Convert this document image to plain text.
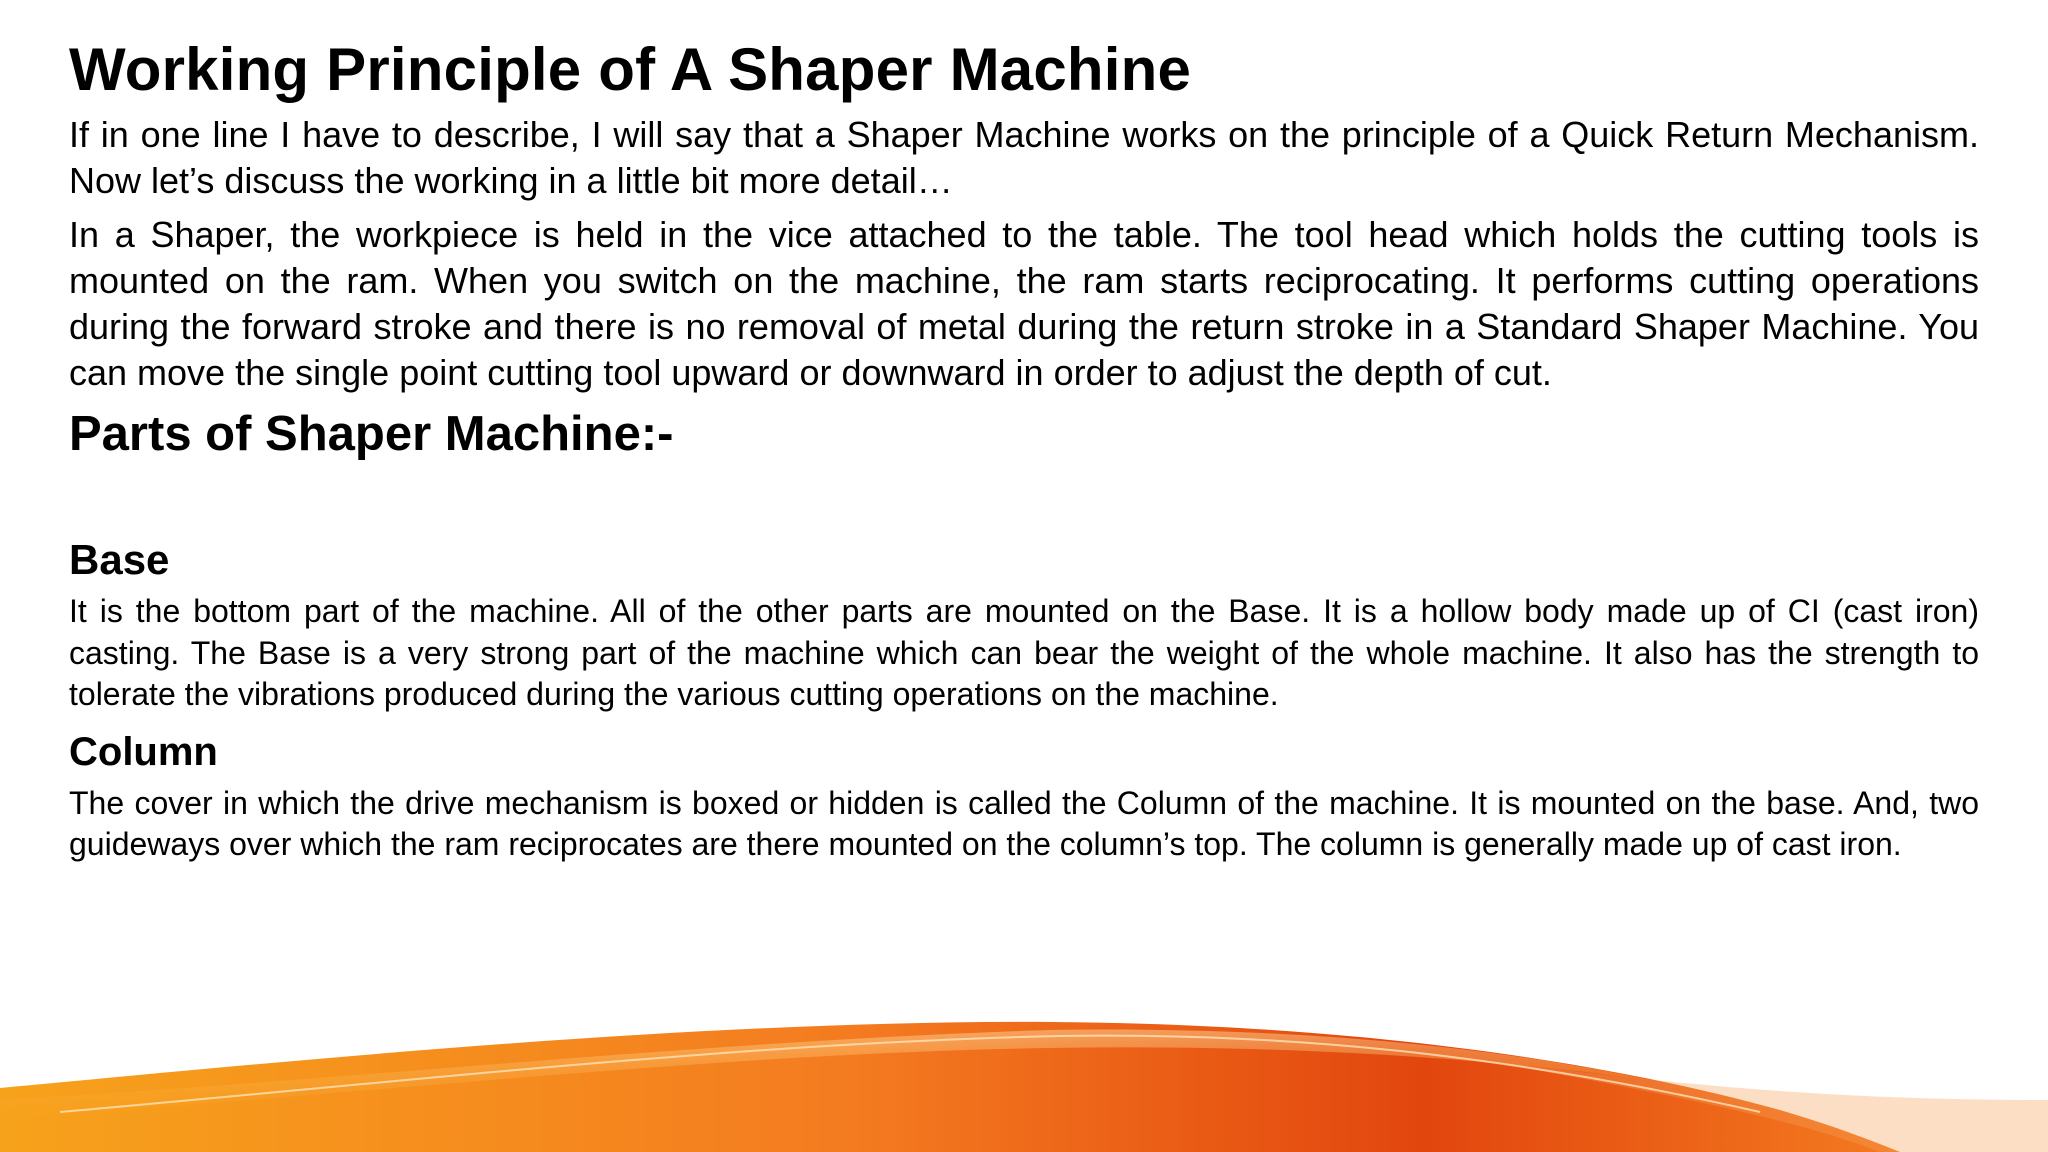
Working Principle of A Shaper Machine

If in one line I have to describe, I will say that a Shaper Machine works on the principle of a Quick Return Mechanism. Now let’s discuss the working in a little bit more detail…

In a Shaper, the workpiece is held in the vice attached to the table. The tool head which holds the cutting tools is mounted on the ram. When you switch on the machine, the ram starts reciprocating. It performs cutting operations during the forward stroke and there is no removal of metal during the return stroke in a Standard Shaper Machine. You can move the single point cutting tool upward or downward in order to adjust the depth of cut.

Parts of Shaper Machine:-
Base

It is the bottom part of the machine. All of the other parts are mounted on the Base. It is a hollow body made up of CI (cast iron) casting. The Base is a very strong part of the machine which can bear the weight of the whole machine. It also has the strength to tolerate the vibrations produced during the various cutting operations on the machine.

Column

The cover in which the drive mechanism is boxed or hidden is called the Column of the machine. It is mounted on the base. And, two guideways over which the ram reciprocates are there mounted on the column’s top. The column is generally made up of cast iron.
